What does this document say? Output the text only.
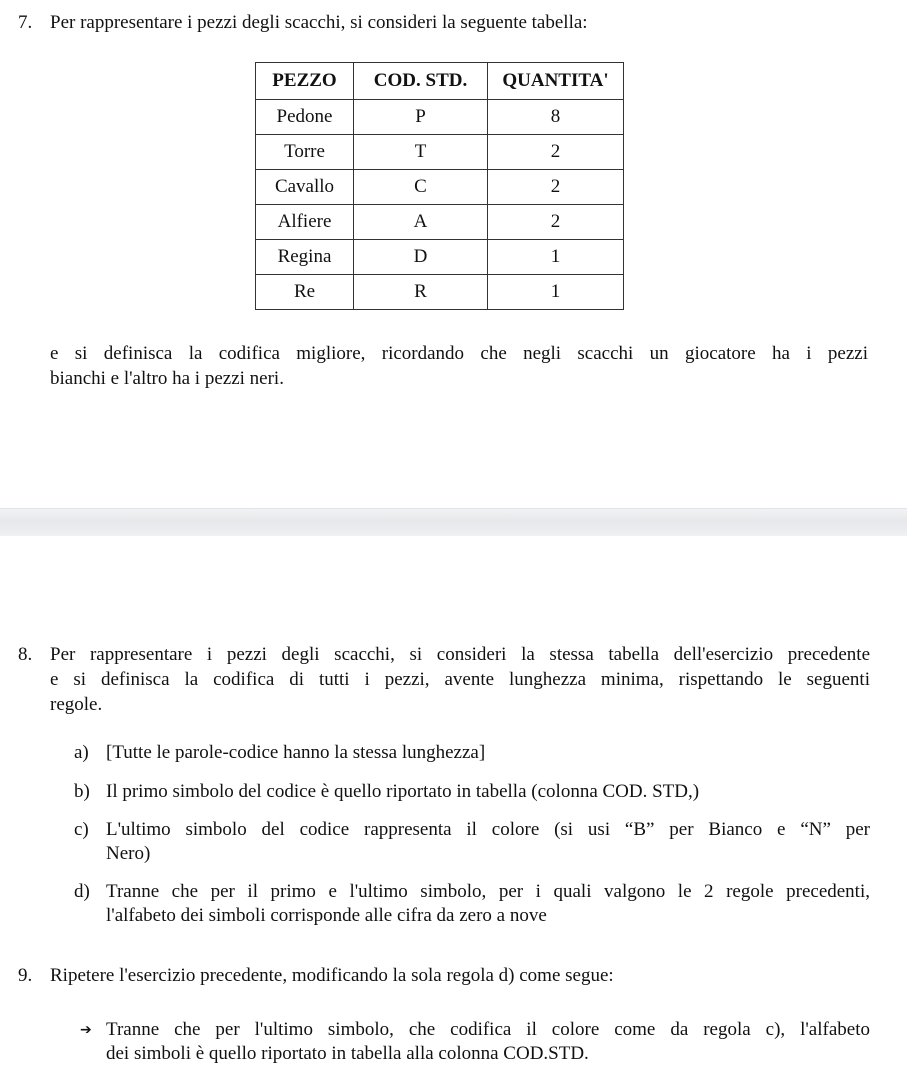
7. Per rappresentare i pezzi degli scacchi, si consideri la seguente tabella:
PEZZO	COD. STD.	QUANTITA'
Pedone	P	8
Torre	T	2
Cavallo	C	2
Alfiere	A	2
Regina	D	1
Re	R	1
e si definisca la codifica migliore, ricordando che negli scacchi un giocatore ha i pezzi
bianchi e l'altro ha i pezzi neri.
8. Per rappresentare i pezzi degli scacchi, si consideri la stessa tabella dell'esercizio precedente
e si definisca la codifica di tutti i pezzi, avente lunghezza minima, rispettando le seguenti
regole.
a) [Tutte le parole-codice hanno la stessa lunghezza]
b) Il primo simbolo del codice è quello riportato in tabella (colonna COD. STD,)
c) L'ultimo simbolo del codice rappresenta il colore (si usi “B” per Bianco e “N” per
Nero)
d) Tranne che per il primo e l'ultimo simbolo, per i quali valgono le 2 regole precedenti,
l'alfabeto dei simboli corrisponde alle cifra da zero a nove
9. Ripetere l'esercizio precedente, modificando la sola regola d) come segue:
➔ Tranne che per l'ultimo simbolo, che codifica il colore come da regola c), l'alfabeto
dei simboli è quello riportato in tabella alla colonna COD.STD.
